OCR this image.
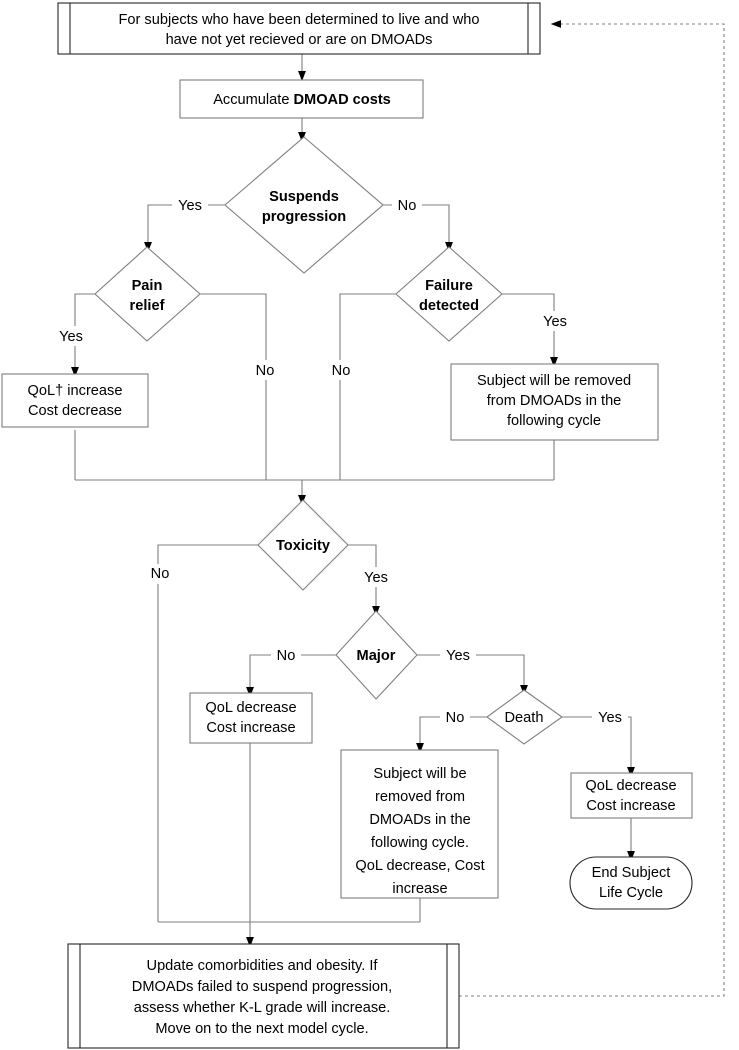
For subjects who have been determined to live and who
have not yet recieved or are on DMOADs
Accumulate DMOAD costs
Suspends
progression
Pain
relief
Failure
detected
QoL† increase
Cost decrease
Subject will be removed
from DMOADs in the
following cycle
Toxicity
Major
Death
QoL decrease
Cost increase
Subject will be
removed from
DMOADs in the
following cycle.
QoL decrease, Cost
increase
QoL decrease
Cost increase
End Subject
Life Cycle
Update comorbidities and obesity. If
DMOADs failed to suspend progression,
assess whether K-L grade will increase.
Move on to the next model cycle.
Yes	No
Yes
No	No
Yes
No	Yes
No	Yes
No	Yes
